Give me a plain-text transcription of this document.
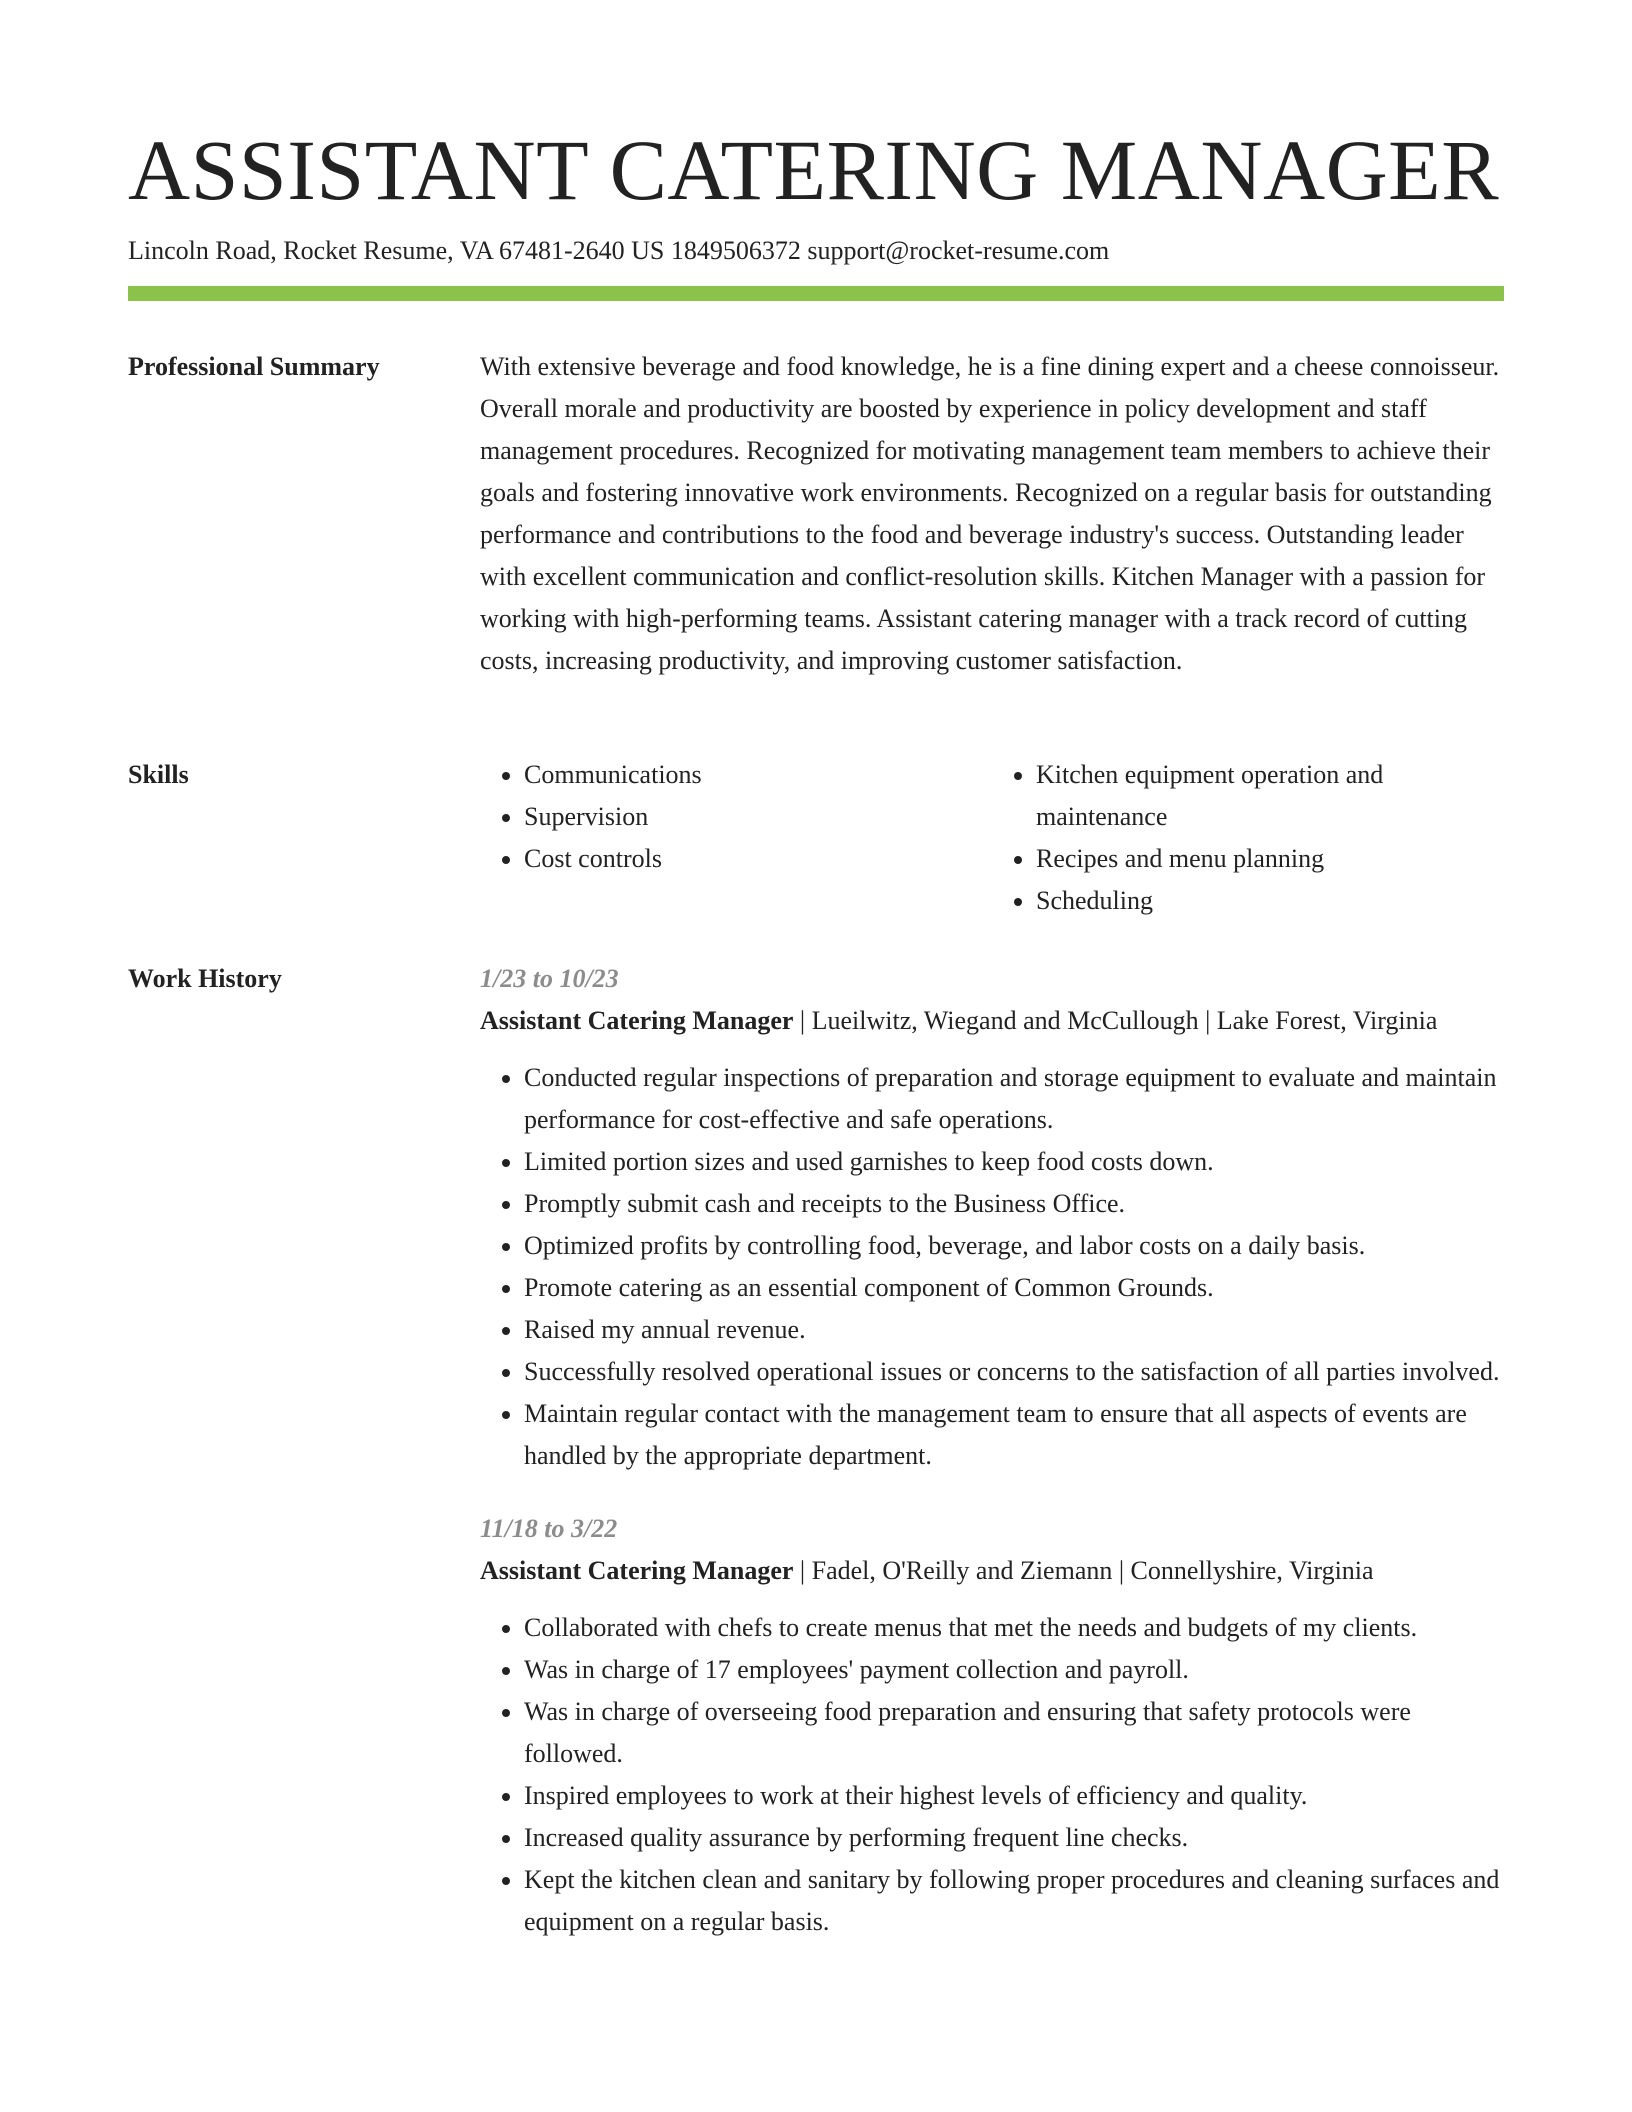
ASSISTANT CATERING MANAGER
Lincoln Road, Rocket Resume, VA 67481-2640 US 1849506372 support@rocket-resume.com
Professional Summary	With extensive beverage and food knowledge, he is a fine dining expert and a cheese connoisseur. Overall morale and productivity are boosted by experience in policy development and staff management procedures. Recognized for motivating management team members to achieve their goals and fostering innovative work environments. Recognized on a regular basis for outstanding performance and contributions to the food and beverage industry's success. Outstanding leader with excellent communication and conflict-resolution skills. Kitchen Manager with a passion for working with high-performing teams. Assistant catering manager with a track record of cutting costs, increasing productivity, and improving customer satisfaction.

Skills
•	Communications
• Supervision
• Cost controls
• Kitchen equipment operation and maintenance
• Recipes and menu planning
• Scheduling
Work History	1/23 to 10/23

Assistant Catering Manager | Lueilwitz, Wiegand and McCullough | Lake Forest, Virginia

• Conducted regular inspections of preparation and storage equipment to evaluate and maintain performance for cost-effective and safe operations.
• Limited portion sizes and used garnishes to keep food costs down.
• Promptly submit cash and receipts to the Business Office.
• Optimized profits by controlling food, beverage, and labor costs on a daily basis.
• Promote catering as an essential component of Common Grounds.
• Raised my annual revenue.
• Successfully resolved operational issues or concerns to the satisfaction of all parties involved.
• Maintain regular contact with the management team to ensure that all aspects of events are handled by the appropriate department.

11/18 to 3/22

Assistant Catering Manager | Fadel, O'Reilly and Ziemann | Connellyshire, Virginia

• Collaborated with chefs to create menus that met the needs and budgets of my clients.
• Was in charge of 17 employees' payment collection and payroll.
• Was in charge of overseeing food preparation and ensuring that safety protocols were followed.
• Inspired employees to work at their highest levels of efficiency and quality.
• Increased quality assurance by performing frequent line checks.
• Kept the kitchen clean and sanitary by following proper procedures and cleaning surfaces and equipment on a regular basis.
